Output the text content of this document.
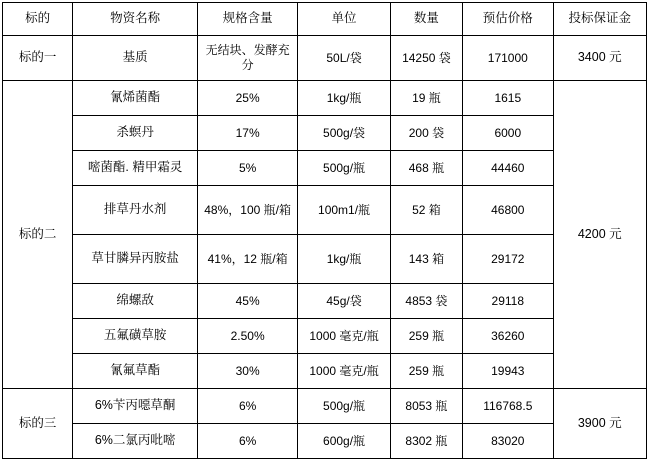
标的	物资名称	规格含量	单位	数量	预估价格	投标保证金
标的一	基质	无结块、发酵充分	50L/袋	14250 袋	171000	3400 元
标的二	氰烯菌酯	25%	1kg/瓶	19 瓶	1615	4200 元
	杀螟丹	17%	500g/袋	200 袋	6000	
	嘧菌酯. 精甲霜灵	5%	500g/瓶	468 瓶	44460	
	排草丹水剂	48%，100 瓶/箱	100m1/瓶	52 箱	46800	
	草甘膦异丙胺盐	41%，12 瓶/箱	1kg/瓶	143 箱	29172	
	绵螺敌	45%	45g/袋	4853 袋	29118	
	五氟磺草胺	2.50%	1000 毫克/瓶	259 瓶	36260	
	氰氟草酯	30%	1000 毫克/瓶	259 瓶	19943	
标的三	6%苄丙噁草酮	6%	500g/瓶	8053 瓶	116768.5	3900 元
	6%二氯丙吡嘧	6%	600g/瓶	8302 瓶	83020	
